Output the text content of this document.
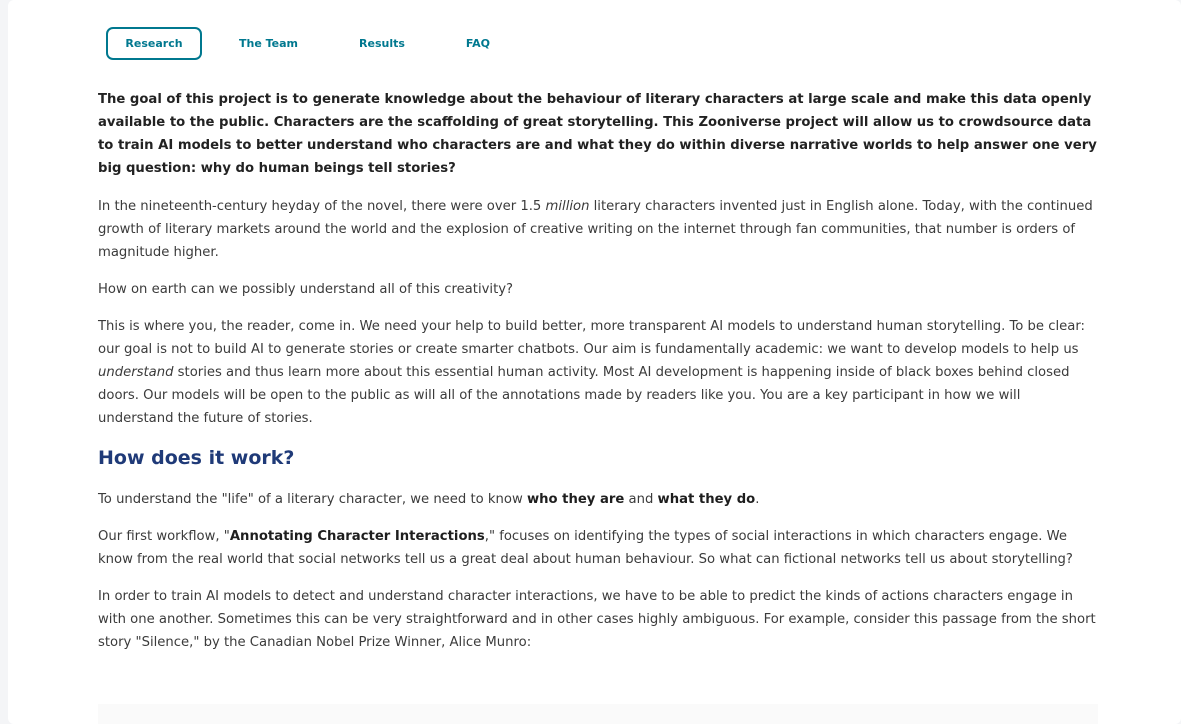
Research	The Team	Results	FAQ

The goal of this project is to generate knowledge about the behaviour of literary characters at large scale and make this data openly available to the public. Characters are the scaffolding of great storytelling. This Zooniverse project will allow us to crowdsource data to train AI models to better understand who characters are and what they do within diverse narrative worlds to help answer one very big question: why do human beings tell stories?

In the nineteenth-century heyday of the novel, there were over 1.5 million literary characters invented just in English alone. Today, with the continued growth of literary markets around the world and the explosion of creative writing on the internet through fan communities, that number is orders of magnitude higher.

How on earth can we possibly understand all of this creativity?

This is where you, the reader, come in. We need your help to build better, more transparent AI models to understand human storytelling. To be clear: our goal is not to build AI to generate stories or create smarter chatbots. Our aim is fundamentally academic: we want to develop models to help us understand stories and thus learn more about this essential human activity. Most AI development is happening inside of black boxes behind closed doors. Our models will be open to the public as will all of the annotations made by readers like you. You are a key participant in how we will understand the future of stories.

How does it work?

To understand the "life" of a literary character, we need to know who they are and what they do.

Our first workflow, "Annotating Character Interactions," focuses on identifying the types of social interactions in which characters engage. We know from the real world that social networks tell us a great deal about human behaviour. So what can fictional networks tell us about storytelling?

In order to train AI models to detect and understand character interactions, we have to be able to predict the kinds of actions characters engage in with one another. Sometimes this can be very straightforward and in other cases highly ambiguous. For example, consider this passage from the short story "Silence," by the Canadian Nobel Prize Winner, Alice Munro:
